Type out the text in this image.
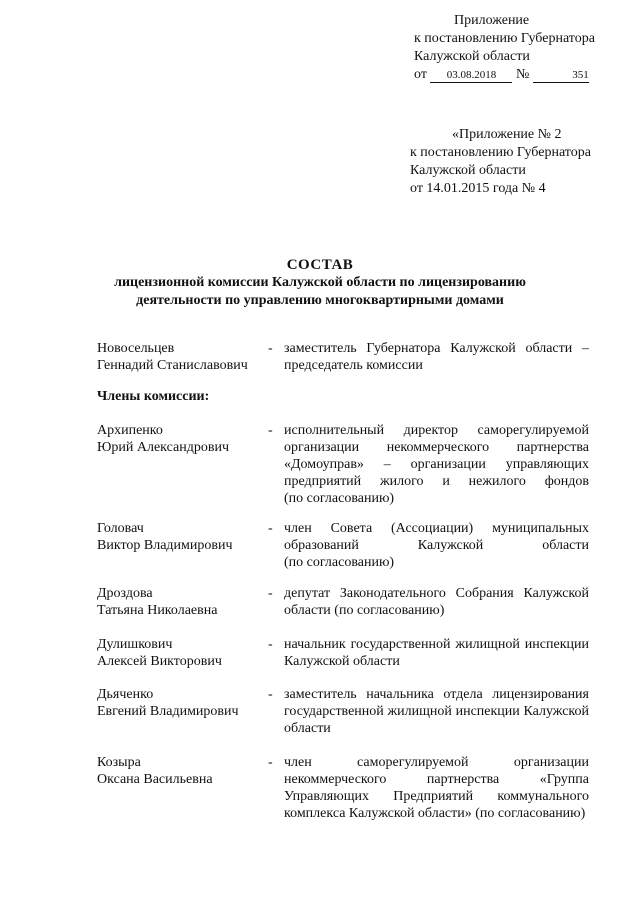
Приложение
к постановлению Губернатора
Калужской области
от 03.08.2018 №	351
«Приложение № 2
к постановлению Губернатора
Калужской области
от 14.01.2015 года № 4
СОСТАВ
лицензионной комиссии Калужской области по лицензированию
деятельности по управлению многоквартирными домами
Новосельцев
Геннадий Станиславович
- заместитель Губернатора Калужской области –
председатель комиссии
Члены комиссии:
Архипенко
Юрий Александрович
- исполнительный директор саморегулируемой
организации некоммерческого партнерства
«Домоуправ» – организации управляющих
предприятий жилого и нежилого фондов
(по согласованию)
Головач
Виктор Владимирович
- член Совета (Ассоциации) муниципальных
образований Калужской области
(по согласованию)
Дроздова
Татьяна Николаевна
- депутат Законодательного Собрания Калужской
области (по согласованию)
Дулишкович
Алексей Викторович
- начальник государственной жилищной инспекции
Калужской области
Дьяченко
Евгений Владимирович
- заместитель начальника отдела лицензирования
государственной жилищной инспекции Калужской
области
Козыра
Оксана Васильевна
- член саморегулируемой организации
некоммерческого партнерства «Группа
Управляющих Предприятий коммунального
комплекса Калужской области» (по согласованию)
